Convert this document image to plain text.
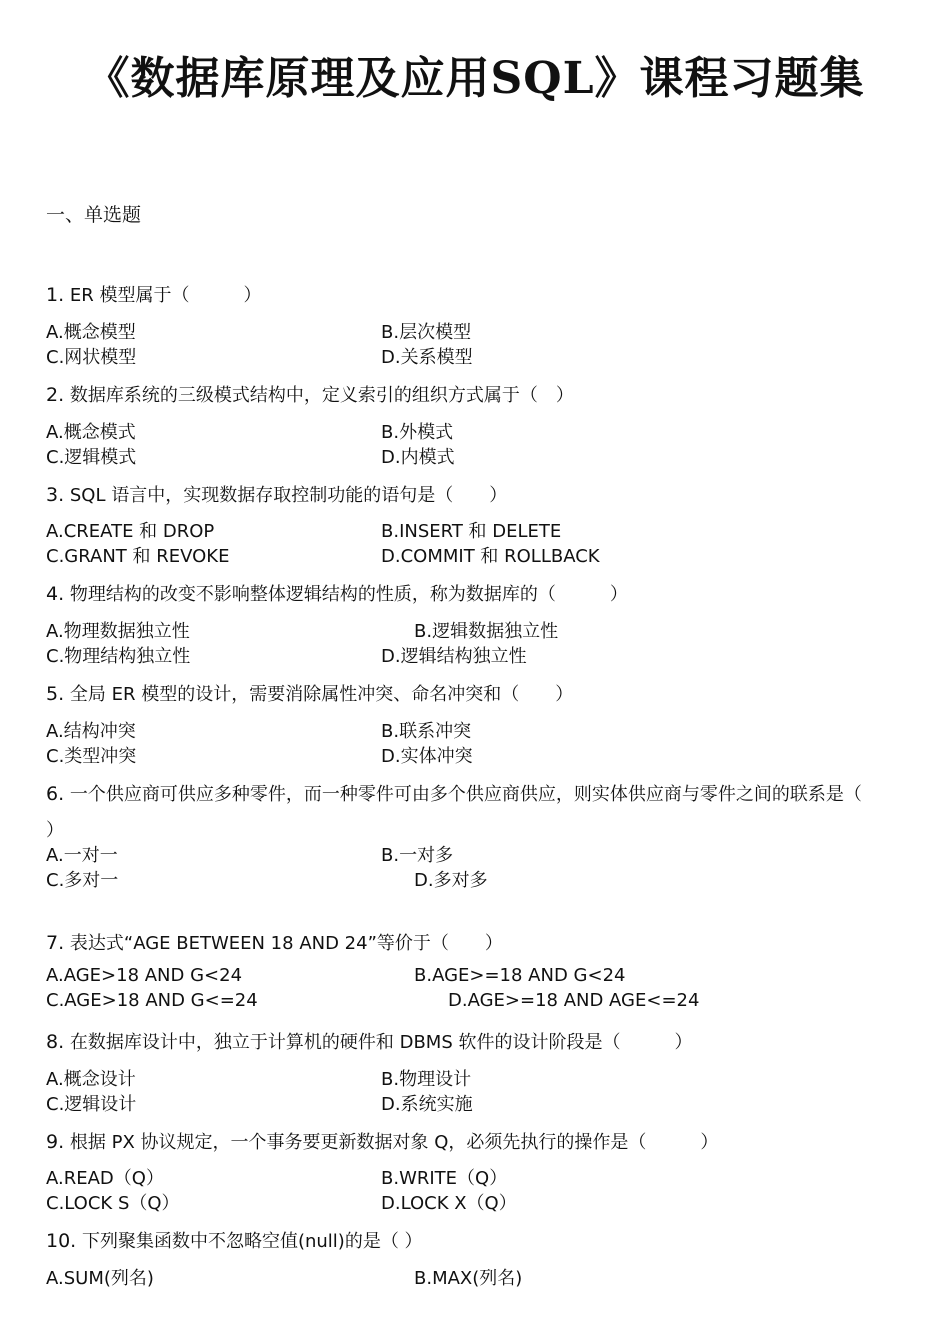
《数据库原理及应用SQL》课程习题集

一、单选题

1. ER 模型属于（　　　）

A.概念模型	B.层次模型
C.网状模型	D.关系模型

2. 数据库系统的三级模式结构中，定义索引的组织方式属于（　）

A.概念模式	B.外模式
C.逻辑模式	D.内模式

3. SQL 语言中，实现数据存取控制功能的语句是（　　）

A.CREATE 和 DROP	B.INSERT 和 DELETE
C.GRANT 和 REVOKE	D.COMMIT 和 ROLLBACK

4. 物理结构的改变不影响整体逻辑结构的性质，称为数据库的（　　　）

A.物理数据独立性	B.逻辑数据独立性
C.物理结构独立性	D.逻辑结构独立性

5. 全局 ER 模型的设计，需要消除属性冲突、命名冲突和（　　）

A.结构冲突	B.联系冲突
C.类型冲突	D.实体冲突

6. 一个供应商可供应多种零件，而一种零件可由多个供应商供应，则实体供应商与零件之间的联系是（

）

A.一对一	B.一对多
C.多对一	D.多对多

7. 表达式“AGE BETWEEN 18 AND 24”等价于（　　）

A.AGE>18 AND G<24	B.AGE>=18 AND G<24
C.AGE>18 AND G<=24	D.AGE>=18 AND AGE<=24

8. 在数据库设计中，独立于计算机的硬件和 DBMS 软件的设计阶段是（　　　）

A.概念设计	B.物理设计
C.逻辑设计	D.系统实施

9. 根据 PX 协议规定，一个事务要更新数据对象 Q，必须先执行的操作是（　　　）

A.READ（Q）	B.WRITE（Q）
C.LOCK S（Q）	D.LOCK X（Q）

10. 下列聚集函数中不忽略空值(null)的是（ ）

A.SUM(列名)	B.MAX(列名)
